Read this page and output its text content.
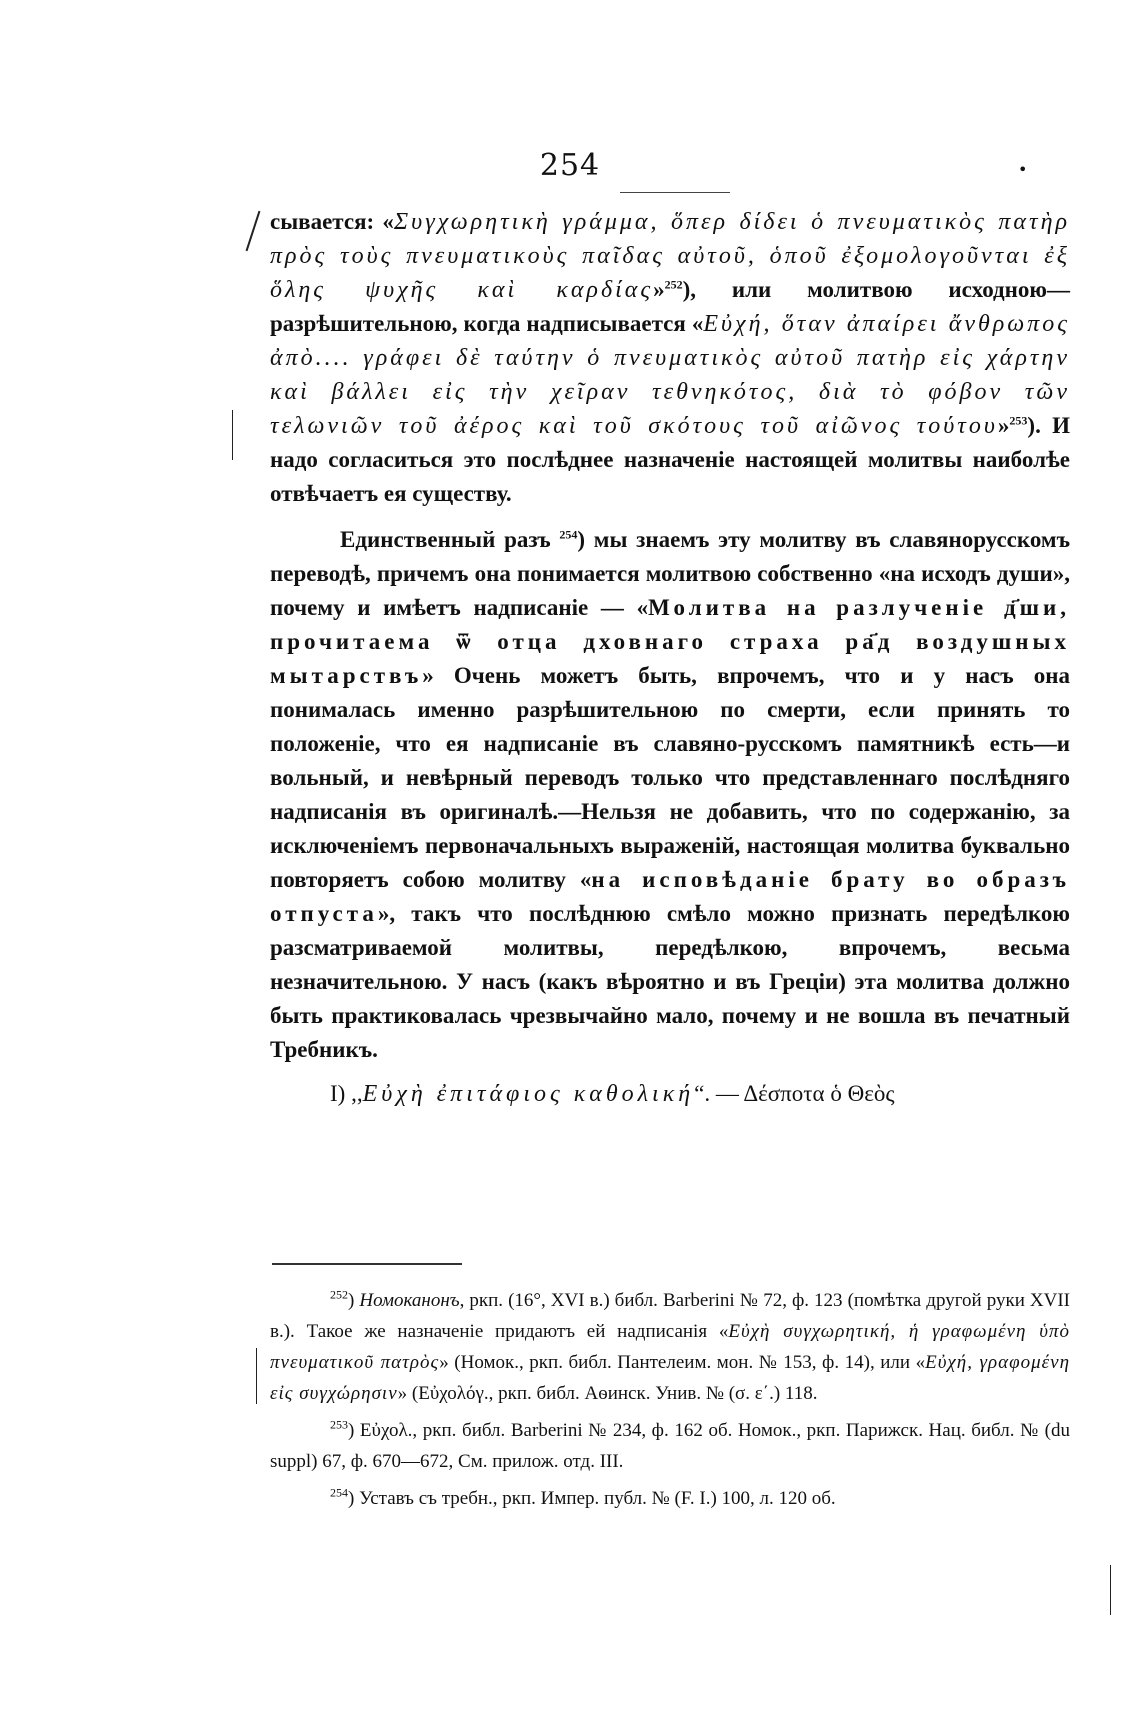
254	•

сывается: «Συγχωρητικὴ γράμμα, ὅπερ δίδει ὁ πνευματικὸς πατὴρ πρὸς τοὺς πνευματικοὺς παῖδας αὐτοῦ, ὁποῦ ἐξομολογοῦνται ἐξ ὅλης ψυχῆς καὶ καρδίας»$^{252}$), или молитвою исходною—разрѣшительною, когда надписывается «Εὐχή, ὅταν ἀπαίρει ἄνθρωπος ἀπὸ.... γράφει δὲ ταύτην ὁ πνευματικὸς αὐτοῦ πατὴρ εἰς χάρτην καὶ βάλλει εἰς τὴν χεῖραν τεθνηκότος, διὰ τὸ φόβον τῶν τελωνιῶν τοῦ ἀέρος καὶ τοῦ σκότους τοῦ αἰῶνος τούτου»$^{253}$). И надо согласиться это послѣднее назначеніе настоящей молитвы наиболѣе отвѣчаетъ ея существу.

Единственный разъ $^{254}$) мы знаемъ эту молитву въ славянорусскомъ переводѣ, причемъ она понимается молитвою собственно «на исходъ души», почему и имѣетъ надписаніе — «Молитва на разлученіе д҃ши, прочитаема ѿ отца дховнаго страха ра҃д воздушных мытарствъ» Очень можетъ быть, впрочемъ, что и у насъ она понималась именно разрѣшительною по смерти, если принять то положеніе, что ея надписаніе въ славяно-русскомъ памятникѣ есть—и вольный, и невѣрный переводъ только что представленнаго послѣдняго надписанія въ оригиналѣ.—Нельзя не добавить, что по содержанію, за исключеніемъ первоначальныхъ выраженій, настоящая молитва буквально повторяетъ собою молитву «на исповѣданіе брату во образъ отпуста», такъ что послѣднюю смѣло можно признать передѣлкою разсматриваемой молитвы, передѣлкою, впрочемъ, весьма незначительною. У насъ (какъ вѣроятно и въ Греціи) эта молитва должно быть практиковалась чрезвычайно мало, почему и не вошла въ печатный Требникъ.

I) ,,Εὐχὴ ἐπιτάφιος καθολική“. — Δέσποτα ὁ Θεὸς

$^{252}$) Номоканонъ, ркп. (16°, XVI в.) библ. Barberini № 72, ф. 123 (помѣтка другой руки XVII в.). Такое же назначеніе придаютъ ей надписанія «Εὐχὴ συγχωρητική, ἡ γραφωμένη ὑπὸ πνευματικοῦ πατρὸς» (Номок., ркп. библ. Пантелеим. мон. № 153, ф. 14), или «Εὐχή, γραφομένη εἰς συγχώρησιν» (Εὐχολόγ., ркп. библ. Аѳинск. Унив. № (σ. ε΄.) 118.

$^{253}$) Εὐχολ., ркп. библ. Barberini № 234, ф. 162 об. Номок., ркп. Парижск. Нац. библ. № (du suppl) 67, ф. 670—672, См. прилож. отд. III.

$^{254}$) Уставъ съ требн., ркп. Импер. публ. № (F. I.) 100, л. 120 об.
